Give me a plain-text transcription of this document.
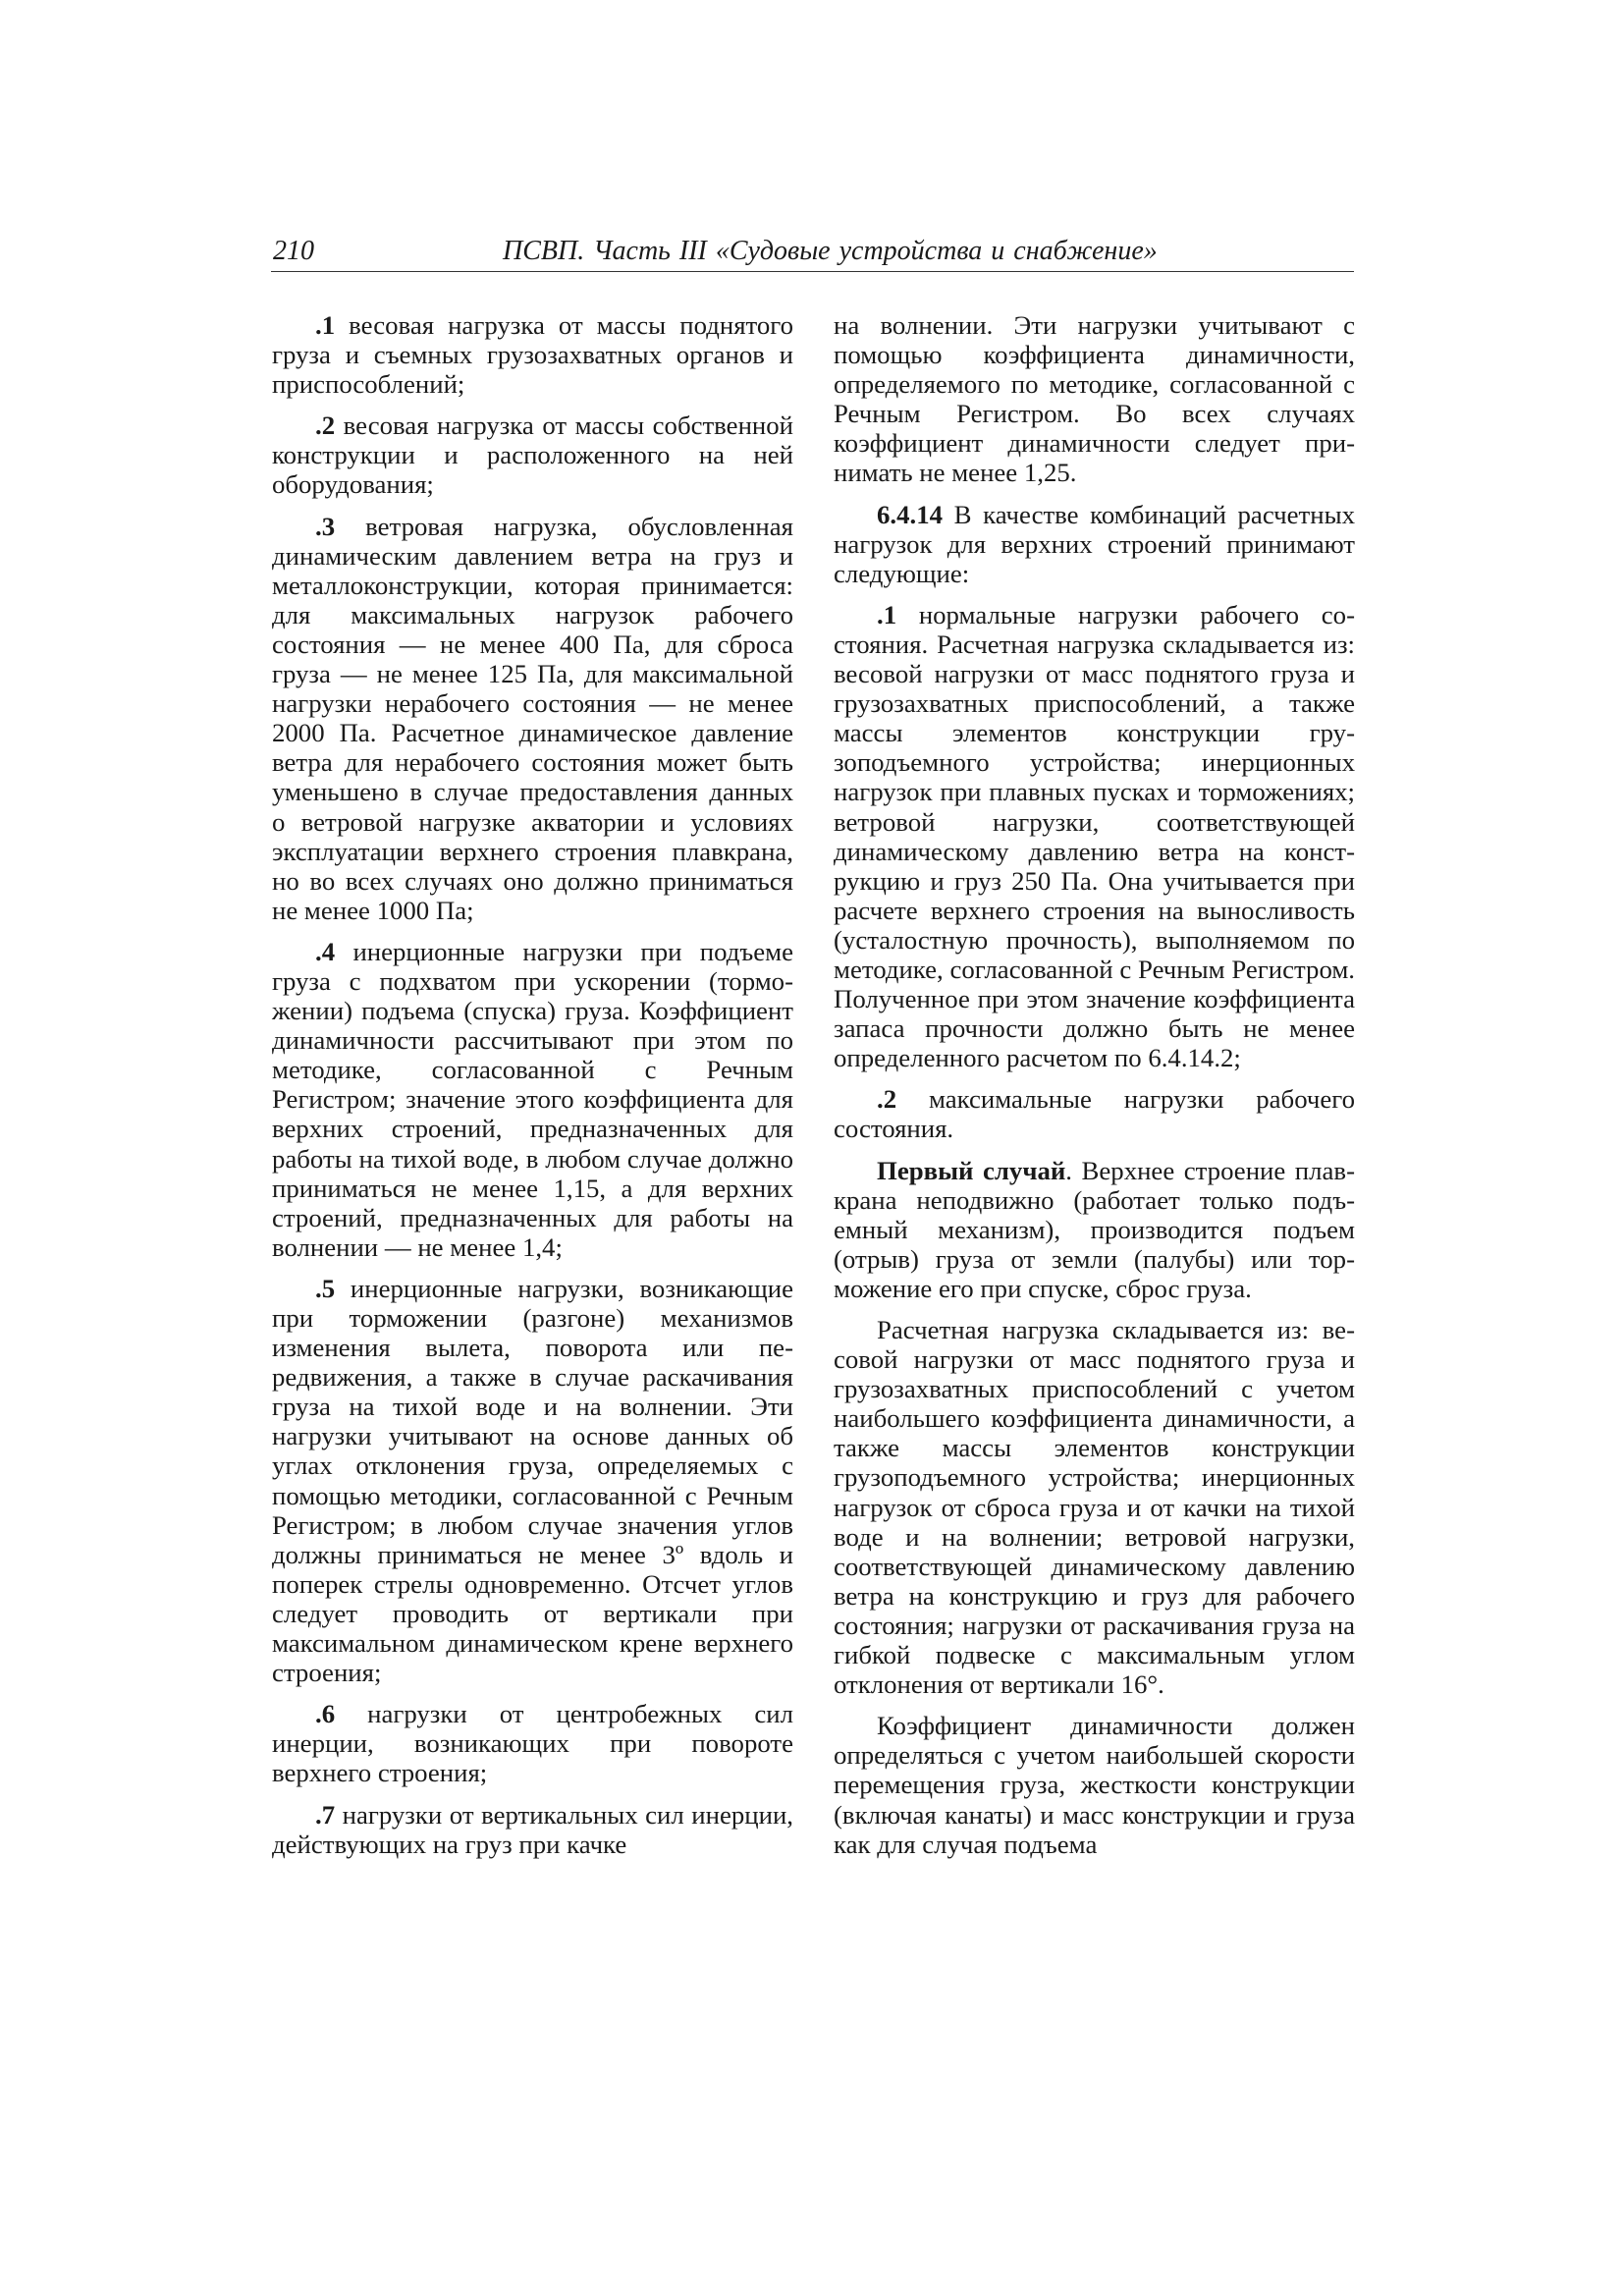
210	ПСВП. Часть III «Судовые устройства и снабжение»

.1 весовая нагрузка от массы поднятого груза и съемных грузозахватных органов и приспособлений;

.2 весовая нагрузка от массы собственной конструкции и расположенного на ней оборудования;

.3 ветровая нагрузка, обусловленная динамическим давлением ветра на груз и металлоконструкции, которая принимается: для максимальных нагрузок рабочего состояния — не менее 400 Па, для сброса груза — не менее 125 Па, для максимальной нагрузки нерабочего состояния — не менее 2000 Па. Расчетное динамическое давление ветра для нерабочего состояния может быть уменьшено в случае предоставления данных о ветровой нагрузке акватории и условиях эксплуатации верхнего строения плавкрана, но во всех случаях оно должно приниматься не менее 1000 Па;

.4 инерционные нагрузки при подъеме груза с подхватом при ускорении (торможении) подъема (спуска) груза. Коэффициент динамичности рассчитывают при этом по методике, согласованной с Речным Регистром; значение этого коэффициента для верхних строений, предназначенных для работы на тихой воде, в любом случае должно приниматься не менее 1,15, а для верхних строений, предназначенных для работы на волнении — не менее 1,4;

.5 инерционные нагрузки, возникающие при торможении (разгоне) механизмов изменения вылета, поворота или передвижения, а также в случае раскачивания груза на тихой воде и на волнении. Эти нагрузки учитывают на основе данных об углах отклонения груза, определяемых с помощью методики, согласованной с Речным Регистром; в любом случае значения углов должны приниматься не менее 3º вдоль и поперек стрелы одновременно. Отсчет углов следует проводить от вертикали при максимальном динамическом крене верхнего строения;

.6 нагрузки от центробежных сил инерции, возникающих при повороте верхнего строения;

.7 нагрузки от вертикальных сил инерции, действующих на груз при качке

на волнении. Эти нагрузки учитывают с помощью коэффициента динамичности, определяемого по методике, согласованной с Речным Регистром. Во всех случаях коэффициент динамичности следует принимать не менее 1,25.

6.4.14 В качестве комбинаций расчетных нагрузок для верхних строений принимают следующие:

.1 нормальные нагрузки рабочего состояния. Расчетная нагрузка складывается из: весовой нагрузки от масс поднятого груза и грузозахватных приспособлений, а также массы элементов конструкции грузоподъемного устройства; инерционных нагрузок при плавных пусках и торможениях; ветровой нагрузки, соответствующей динамическому давлению ветра на конструкцию и груз 250 Па. Она учитывается при расчете верхнего строения на выносливость (усталостную прочность), выполняемом по методике, согласованной с Речным Регистром. Полученное при этом значение коэффициента запаса прочности должно быть не менее определенного расчетом по 6.4.14.2;

.2 максимальные нагрузки рабочего состояния.

Первый случай. Верхнее строение плавкрана неподвижно (работает только подъемный механизм), производится подъем (отрыв) груза от земли (палубы) или торможение его при спуске, сброс груза.

Расчетная нагрузка складывается из: весовой нагрузки от масс поднятого груза и грузозахватных приспособлений с учетом наибольшего коэффициента динамичности, а также массы элементов конструкции грузоподъемного устройства; инерционных нагрузок от сброса груза и от качки на тихой воде и на волнении; ветровой нагрузки, соответствующей динамическому давлению ветра на конструкцию и груз для рабочего состояния; нагрузки от раскачивания груза на гибкой подвеске с максимальным углом отклонения от вертикали 16°.

Коэффициент динамичности должен определяться с учетом наибольшей скорости перемещения груза, жесткости конструкции (включая канаты) и масс конструкции и груза как для случая подъема
